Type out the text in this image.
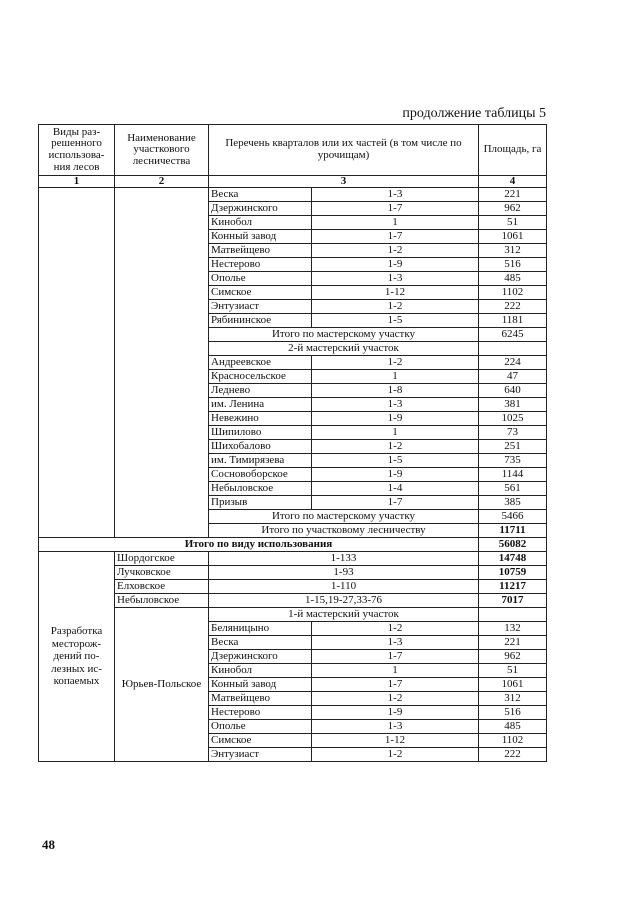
продолжение таблицы 5
Виды раз-решенного использова-ния лесов	Наименование участкового лесничества	Перечень кварталов или их частей (в том числе по урочищам)		Площадь, га
1	2	3		4
		Веска	1-3	221
		Дзержинского	1-7	962
		Кинобол	1	51
		Конный завод	1-7	1061
		Матвейщево	1-2	312
		Нестерово	1-9	516
		Ополье	1-3	485
		Симское	1-12	1102
		Энтузиаст	1-2	222
		Рябининское	1-5	1181
		Итого по мастерскому участку		6245
		2-й мастерский участок		
		Андреевское	1-2	224
		Красносельское	1	47
		Леднево	1-8	640
		им. Ленина	1-3	381
		Невежино	1-9	1025
		Шипилово	1	73
		Шихобалово	1-2	251
		им. Тимирязева	1-5	735
		Сосновоборское	1-9	1144
		Небыловское	1-4	561
		Призыв	1-7	385
		Итого по мастерскому участку		5466
		Итого по участковому лесничеству		11711
Итого по виду использования				56082
Разработка месторож-дений по-лезных ис-копаемых	Шордогское	1-133		14748
	Лучковское	1-93		10759
	Елховское	1-110		11217
	Небыловское	1-15,19-27,33-76		7017
	Юрьев-Польское	1-й мастерский участок		
		Беляницыно	1-2	132
		Веска	1-3	221
		Дзержинского	1-7	962
		Кинобол	1	51
		Конный завод	1-7	1061
		Матвейщево	1-2	312
		Нестерово	1-9	516
		Ополье	1-3	485
		Симское	1-12	1102
		Энтузиаст	1-2	222
48
